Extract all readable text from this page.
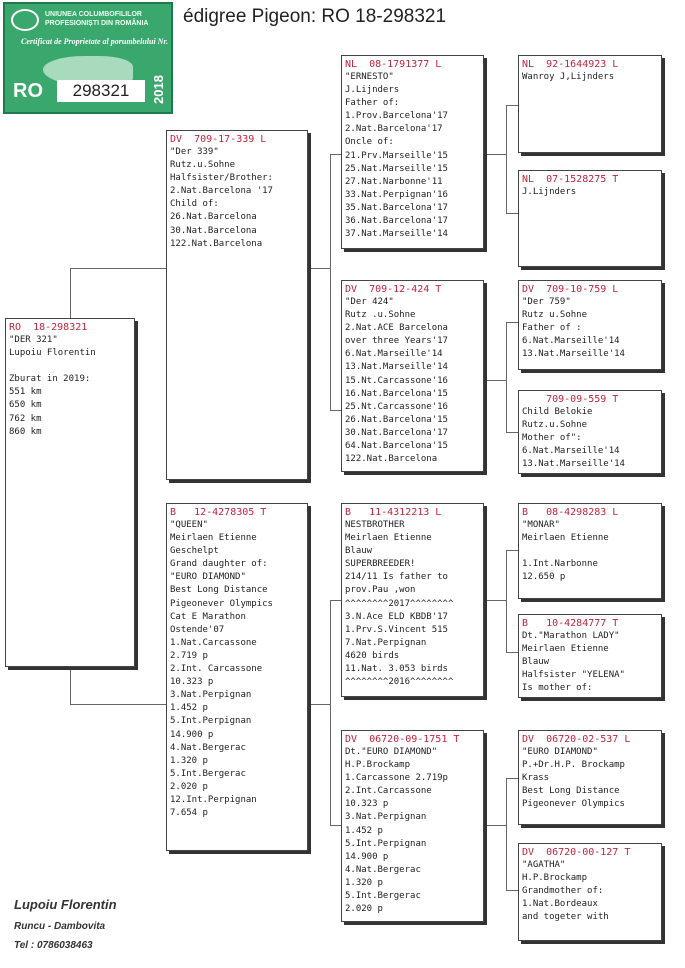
édigree Pigeon: RO 18-298321
UNIUNEA COLUMBOFILILOR PROFESIONIȘTI DIN ROMÂNIA
Certificat de Proprietate al porumbelului Nr.
RO	298321	2018
RO  18-298321
"DER 321"
Lupoiu Florentin

Zburat in 2019:
551 km
650 km
762 km
860 km
DV  709-17-339 L
"Der 339"
Rutz.u.Sohne
Halfsister/Brother:
2.Nat.Barcelona '17
Child of:
26.Nat.Barcelona
30.Nat.Barcelona
122.Nat.Barcelona
B   12-4278305 T
"QUEEN"
Meirlaen Etienne
Geschelpt
Grand daughter of:
"EURO DIAMOND"
Best Long Distance
Pigeonever Olympics
Cat E Marathon
Ostende'07
1.Nat.Carcassone
2.719 p
2.Int. Carcassone
10.323 p
3.Nat.Perpignan
1.452 p
5.Int.Perpignan
14.900 p
4.Nat.Bergerac
1.320 p
5.Int.Bergerac
2.020 p
12.Int.Perpignan
7.654 p
NL  08-1791377 L
"ERNESTO"
J.Lijnders
Father of:
1.Prov.Barcelona'17
2.Nat.Barcelona'17
Oncle of:
21.Prv.Marseille'15
25.Nat.Marseille'15
27.Nat.Narbonne'11
33.Nat.Perpignan'16
35.Nat.Barcelona'17
36.Nat.Barcelona'17
37.Nat.Marseille'14
DV  709-12-424 T
"Der 424"
Rutz .u.Sohne
2.Nat.ACE Barcelona
over three Years'17
6.Nat.Marseille'14
13.Nat.Marseille'14
15.Nt.Carcassone'16
16.Nat.Barcelona'15
25.Nt.Carcassone'16
26.Nat.Barcelona'15
30.Nat.Barcelona'17
64.Nat.Barcelona'15
122.Nat.Barcelona
B   11-4312213 L
NESTBROTHER
Meirlaen Etienne
Blauw
SUPERBREEDER!
214/11 Is father to
prov.Pau ,won
^^^^^^^^2017^^^^^^^^
3.N.Ace ELD KBDB'17
1.Prv.S.Vincent 515
7.Nat.Perpignan
4620 birds
11.Nat. 3.053 birds
^^^^^^^^2016^^^^^^^^
DV  06720-09-1751 T
Dt."EURO DIAMOND"
H.P.Brockamp
1.Carcassone 2.719p
2.Int.Carcassone
10.323 p
3.Nat.Perpignan
1.452 p
5.Int.Perpignan
14.900 p
4.Nat.Bergerac
1.320 p
5.Int.Bergerac
2.020 p
NL  92-1644923 L
Wanroy J,Lijnders
NL  07-1528275 T
J.Lijnders
DV  709-10-759 L
"Der 759"
Rutz u.Sohne
Father of :
6.Nat.Marseille'14
13.Nat.Marseille'14
709-09-559 T
Child Belokie
Rutz.u.Sohne
Mother of":
6.Nat.Marseille'14
13.Nat.Marseille'14
B   08-4298283 L
"MONAR"
Meirlaen Etienne

1.Int.Narbonne
12.650 p
B   10-4284777 T
Dt."Marathon LADY"
Meirlaen Etienne
Blauw
Halfsister "YELENA"
Is mother of:
DV  06720-02-537 L
"EURO DIAMOND"
P.+Dr.H.P. Brockamp
Krass
Best Long Distance
Pigeonever Olympics
DV  06720-00-127 T
"AGATHA"
H.P.Brockamp
Grandmother of:
1.Nat.Bordeaux
and togeter with
Lupoiu Florentin
Runcu - Dambovita
Tel : 0786038463
